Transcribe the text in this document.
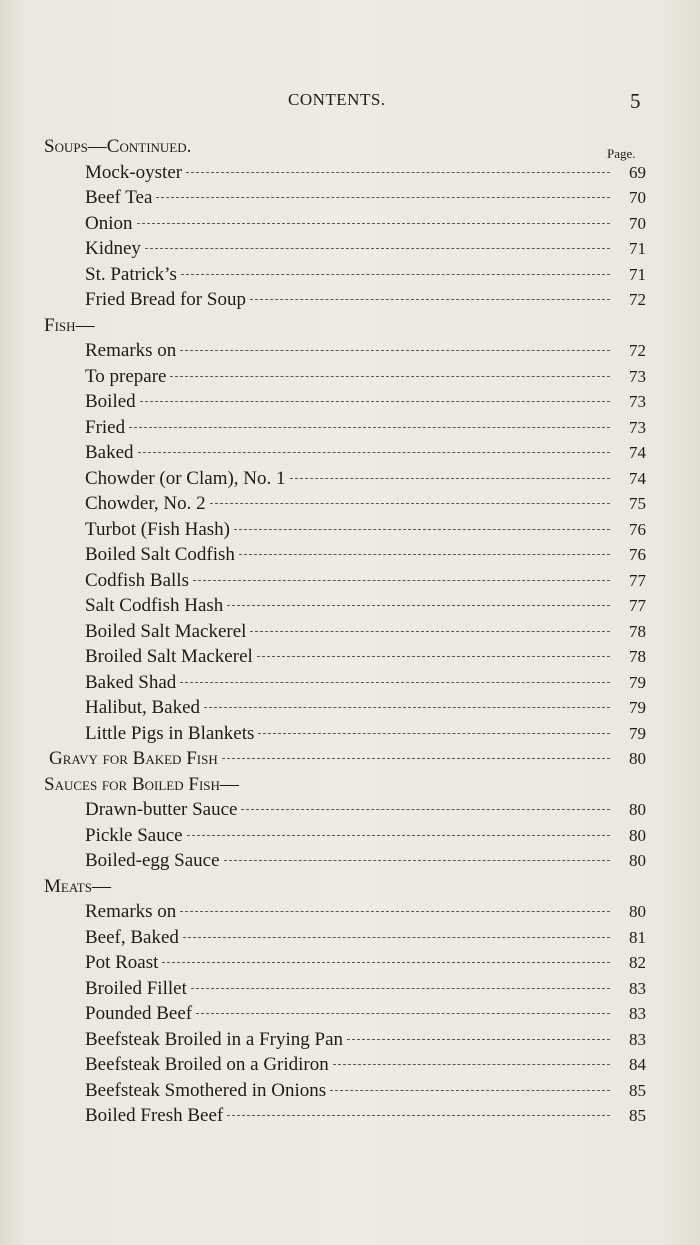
CONTENTS.	5
Page.
Soups—Continued.
Mock-oyster	69
Beef Tea	70
Onion	70
Kidney	71
St. Patrick’s	71
Fried Bread for Soup	72
Fish—
Remarks on	72
To prepare	73
Boiled	73
Fried	73
Baked	74
Chowder (or Clam), No. 1	74
Chowder, No. 2	75
Turbot (Fish Hash)	76
Boiled Salt Codfish	76
Codfish Balls	77
Salt Codfish Hash	77
Boiled Salt Mackerel	78
Broiled Salt Mackerel	78
Baked Shad	79
Halibut, Baked	79
Little Pigs in Blankets	79
Gravy for Baked Fish	80
Sauces for Boiled Fish—
Drawn-butter Sauce	80
Pickle Sauce	80
Boiled-egg Sauce	80
Meats—
Remarks on	80
Beef, Baked	81
Pot Roast	82
Broiled Fillet	83
Pounded Beef	83
Beefsteak Broiled in a Frying Pan	83
Beefsteak Broiled on a Gridiron	84
Beefsteak Smothered in Onions	85
Boiled Fresh Beef	85
